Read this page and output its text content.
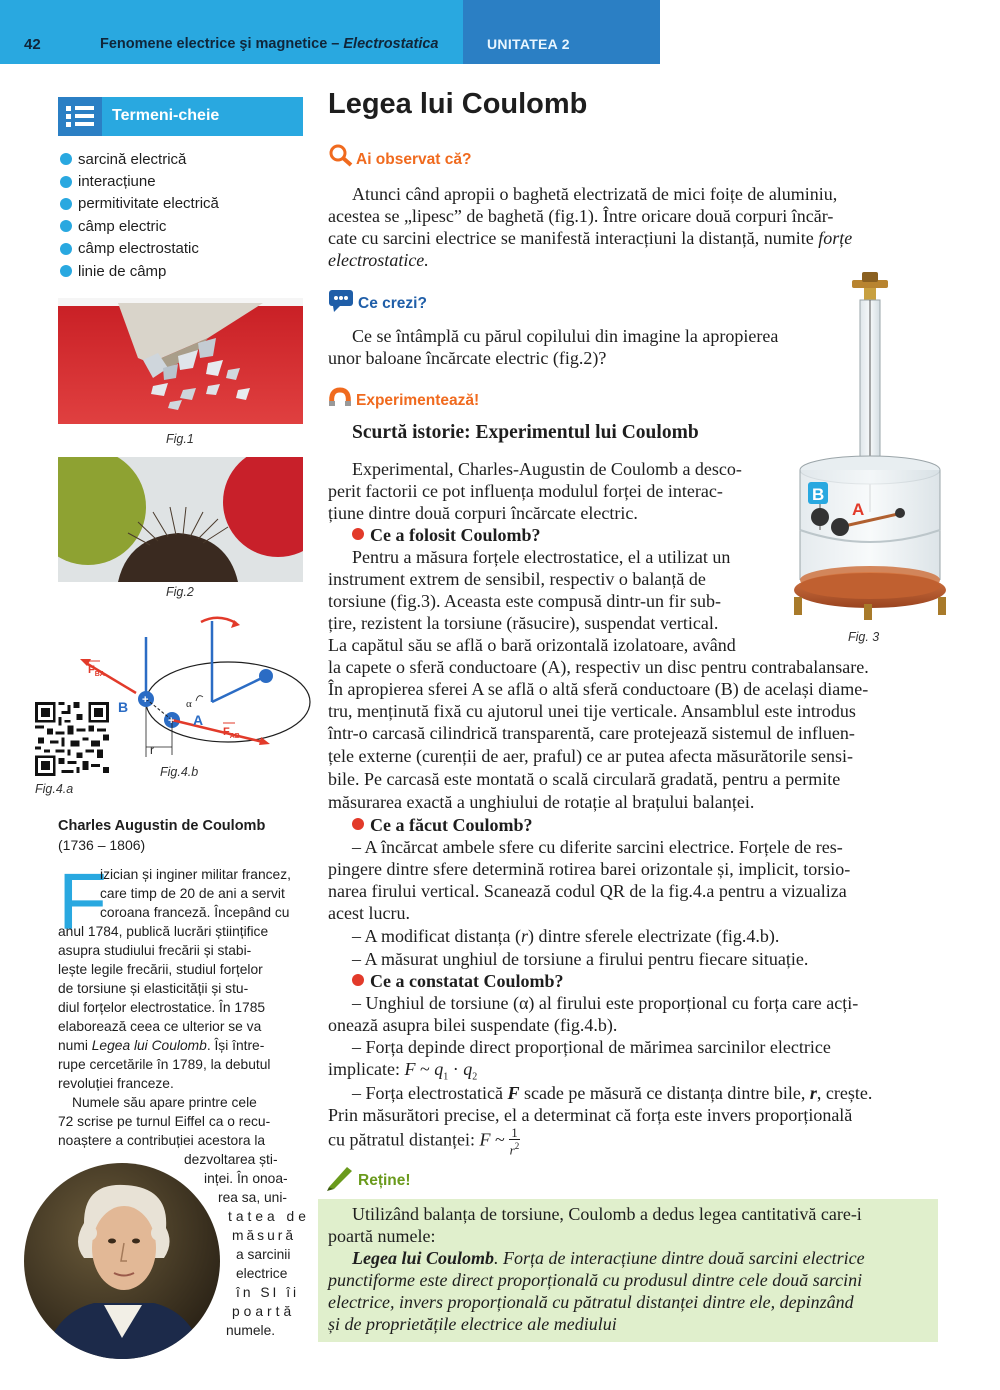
42	Fenomene electrice şi magnetice – Electrostatica	UNITATEA 2
Termeni-cheie
sarcină electrică
interacțiune
permitivitate electrică
câmp electric
câmp electrostatic
linie de câmp
Fig.1
Fig.2
$F_{BA}$
$F_{AB}$
B
A
r
α
+
+
Fig.4.b
Fig.4.a
Charles Augustin de Coulomb
(1736 – 1806)
F
izician și inginer militar francez,
care timp de 20 de ani a servit
coroana franceză. Începând cu
anul 1784, publică lucrări științifice
asupra studiului frecării și stabi-
lește legile frecării, studiul forțelor
de torsiune și elasticității și stu-
diul forțelor electrostatice. În 1785
elaborează ceea ce ulterior se va
numi Legea lui Coulomb. Își între-
rupe cercetările în 1789, la debutul
revoluției franceze.
Numele său apare printre cele
72 scrise pe turnul Eiffel ca o recu-
noaștere a contribuției acestora la
dezvoltarea ști-
inței. În onoa-
rea sa, uni-
tatea de
măsură
a sarcinii
electrice
în SI îi
poartă
numele.
Legea lui Coulomb
Ai observat că?
Atunci când apropii o baghetă electrizată de mici foițe de aluminiu,
acestea se „lipesc” de baghetă (fig.1). Între oricare două corpuri încăr-
cate cu sarcini electrice se manifestă interacțiuni la distanță, numite forțe
electrostatice.
Ce crezi?
Ce se întâmplă cu părul copilului din imagine la apropierea
unor baloane încărcate electric (fig.2)?
Experimentează!
Scurtă istorie: Experimentul lui Coulomb
B
A
Fig. 3
Experimental, Charles-Augustin de Coulomb a desco-
perit factorii ce pot influența modulul forței de interac-
țiune dintre două corpuri încărcate electric.
Ce a folosit Coulomb?
Pentru a măsura forțele electrostatice, el a utilizat un
instrument extrem de sensibil, respectiv o balanță de
torsiune (fig.3). Aceasta este compusă dintr-un fir sub-
țire, rezistent la torsiune (răsucire), suspendat vertical.
La capătul său se află o bară orizontală izolatoare, având
la capete o sferă conductoare (A), respectiv un disc pentru contrabalansare.
În apropierea sferei A se află o altă sferă conductoare (B) de același diame-
tru, menținută fixă cu ajutorul unei tije verticale. Ansamblul este introdus
într-o carcasă cilindrică transparentă, care protejează sistemul de influen-
țele externe (curenții de aer, praful) ce ar putea afecta măsurătorile sensi-
bile. Pe carcasă este montată o scală circulară gradată, pentru a permite
măsurarea exactă a unghiului de rotație al brațului balanței.
Ce a făcut Coulomb?
– A încărcat ambele sfere cu diferite sarcini electrice. Forțele de res-
pingere dintre sfere determină rotirea barei orizontale și, implicit, torsio-
narea firului vertical. Scanează codul QR de la fig.4.a pentru a vizualiza
acest lucru.
– A modificat distanța (r) dintre sferele electrizate (fig.4.b).
– A măsurat unghiul de torsiune a firului pentru fiecare situație.
Ce a constatat Coulomb?
– Unghiul de torsiune (α) al firului este proporțional cu forța care acți-
onează asupra bilei suspendate (fig.4.b).
– Forța depinde direct proporțional de mărimea sarcinilor electrice
implicate: F ~ $q_1 \cdot q_2$
– Forța electrostatică F scade pe măsură ce distanța dintre bile, r, crește.
Prin măsurători precise, el a determinat că forța este invers proporțională
cu pătratul distanței: F ~ $\frac{1}{r^2}$
Reține!
Utilizând balanța de torsiune, Coulomb a dedus legea cantitativă care-i
poartă numele:
Legea lui Coulomb. Forța de interacțiune dintre două sarcini electrice
punctiforme este direct proporțională cu produsul dintre cele două sarcini
electrice, invers proporțională cu pătratul distanței dintre ele, depinzând
și de proprietățile electrice ale mediului
